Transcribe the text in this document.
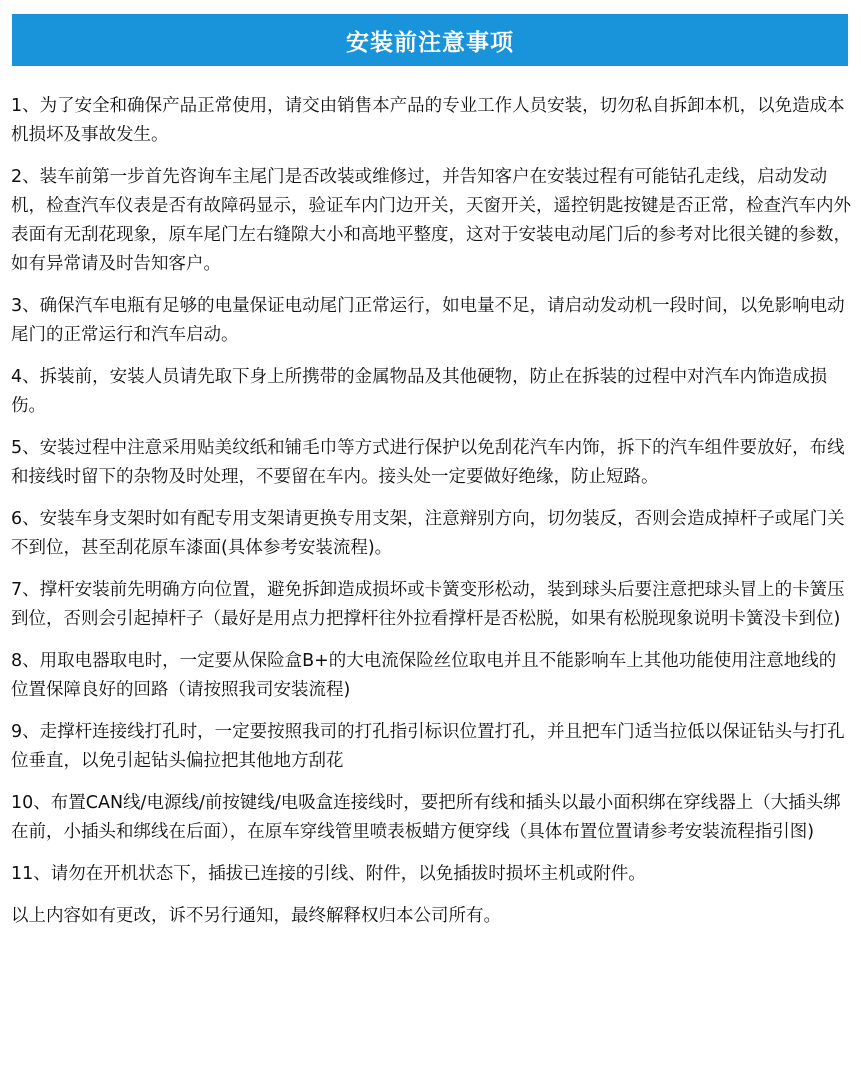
安装前注意事项

1、为了安全和确保产品正常使用，请交由销售本产品的专业工作人员安装，切勿私自拆卸本机，以免造成本机损坏及事故发生。

2、装车前第一步首先咨询车主尾门是否改装或维修过，并告知客户在安装过程有可能钻孔走线，启动发动机，检查汽车仪表是否有故障码显示，验证车内门边开关，天窗开关，遥控钥匙按键是否正常，检查汽车内外表面有无刮花现象，原车尾门左右缝隙大小和高地平整度，这对于安装电动尾门后的参考对比很关键的参数，如有异常请及时告知客户。

3、确保汽车电瓶有足够的电量保证电动尾门正常运行，如电量不足，请启动发动机一段时间，以免影响电动尾门的正常运行和汽车启动。

4、拆装前，安装人员请先取下身上所携带的金属物品及其他硬物，防止在拆装的过程中对汽车内饰造成损伤。

5、安装过程中注意采用贴美纹纸和铺毛巾等方式进行保护以免刮花汽车内饰，拆下的汽车组件要放好，布线和接线时留下的杂物及时处理，不要留在车内。接头处一定要做好绝缘，防止短路。

6、安装车身支架时如有配专用支架请更换专用支架，注意辩别方向，切勿装反，否则会造成掉杆子或尾门关不到位，甚至刮花原车漆面(具体参考安装流程)。

7、撑杆安装前先明确方向位置，避免拆卸造成损坏或卡簧变形松动，装到球头后要注意把球头冒上的卡簧压到位，否则会引起掉杆子（最好是用点力把撑杆往外拉看撑杆是否松脱，如果有松脱现象说明卡簧没卡到位)

8、用取电器取电时，一定要从保险盒B+的大电流保险丝位取电并且不能影响车上其他功能使用注意地线的位置保障良好的回路（请按照我司安装流程)

9、走撑杆连接线打孔时，一定要按照我司的打孔指引标识位置打孔，并且把车门适当拉低以保证钻头与打孔位垂直，以免引起钻头偏拉把其他地方刮花

10、布置CAN线/电源线/前按键线/电吸盒连接线时，要把所有线和插头以最小面积绑在穿线器上（大插头绑在前，小插头和绑线在后面），在原车穿线管里喷表板蜡方便穿线（具体布置位置请参考安装流程指引图)

11、请勿在开机状态下，插拔已连接的引线、附件，以免插拔时损坏主机或附件。

以上内容如有更改，诉不另行通知，最终解释权归本公司所有。
